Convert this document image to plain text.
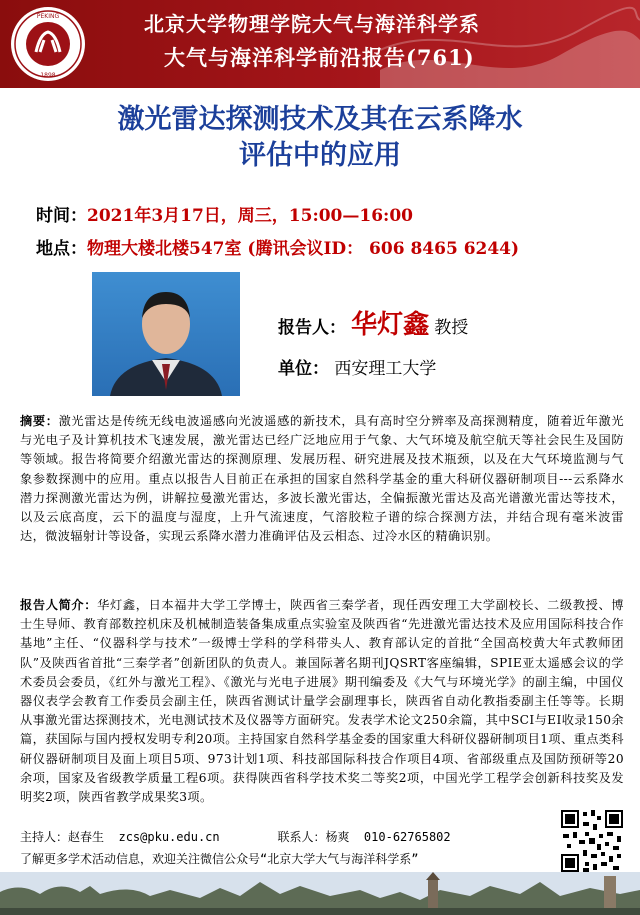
PEKING
1898
北京大学物理学院大气与海洋科学系
大气与海洋科学前沿报告(761)
激光雷达探测技术及其在云系降水
评估中的应用
时间：2021年3月17日，周三，15:00—16:00
地点：物理大楼北楼547室 (腾讯会议ID： 606 8465 6244)
报告人： 华灯鑫 教授
单位： 西安理工大学
摘要：激光雷达是传统无线电波遥感向光波遥感的新技术，具有高时空分辨率及高探测精度，随着近年激光与光电子及计算机技术飞速发展，激光雷达已经广泛地应用于气象、大气环境及航空航天等社会民生及国防等领域。报告将简要介绍激光雷达的探测原理、发展历程、研究进展及技术瓶颈，以及在大气环境监测与气象参数探测中的应用。重点以报告人目前正在承担的国家自然科学基金的重大科研仪器研制项目---云系降水潜力探测激光雷达为例，讲解拉曼激光雷达，多波长激光雷达，全偏振激光雷达及高光谱激光雷达等技术，以及云底高度，云下的温度与湿度，上升气流速度，气溶胶粒子谱的综合探测方法，并结合现有毫米波雷达，微波辐射计等设备，实现云系降水潜力准确评估及云相态、过冷水区的精确识别。
报告人简介：华灯鑫，日本福井大学工学博士，陕西省三秦学者，现任西安理工大学副校长、二级教授、博士生导师、教育部数控机床及机械制造装备集成重点实验室及陕西省“先进激光雷达技术及应用国际科技合作基地”主任、“仪器科学与技术”一级博士学科的学科带头人、教育部认定的首批“全国高校黄大年式教师团队”及陕西省首批“三秦学者”创新团队的负责人。兼国际著名期刊JQSRT客座编辑，SPIE亚太遥感会议的学术委员会委员，《红外与激光工程》、《激光与光电子进展》期刊编委及《大气与环境光学》的副主编，中国仪器仪表学会教育工作委员会副主任，陕西省测试计量学会副理事长，陕西省自动化教指委副主任等等。长期从事激光雷达探测技术，光电测试技术及仪器等方面研究。发表学术论文250余篇，其中SCI与EI收录150余篇，获国际与国内授权发明专利20项。主持国家自然科学基金委的国家重大科研仪器研制项目1项、重点类科研仪器研制项目及面上项目5项、973计划1项、科技部国际科技合作项目4项、省部级重点及国防预研等20余项，国家及省级教学质量工程6项。获得陕西省科学技术奖二等奖2项，中国光学工程学会创新科技奖及发明奖2项，陕西省教学成果奖3项。
主持人：赵春生 zcs@pku.edu.cn	联系人：杨爽 010-62765802
了解更多学术活动信息，欢迎关注微信公众号“北京大学大气与海洋科学系”
